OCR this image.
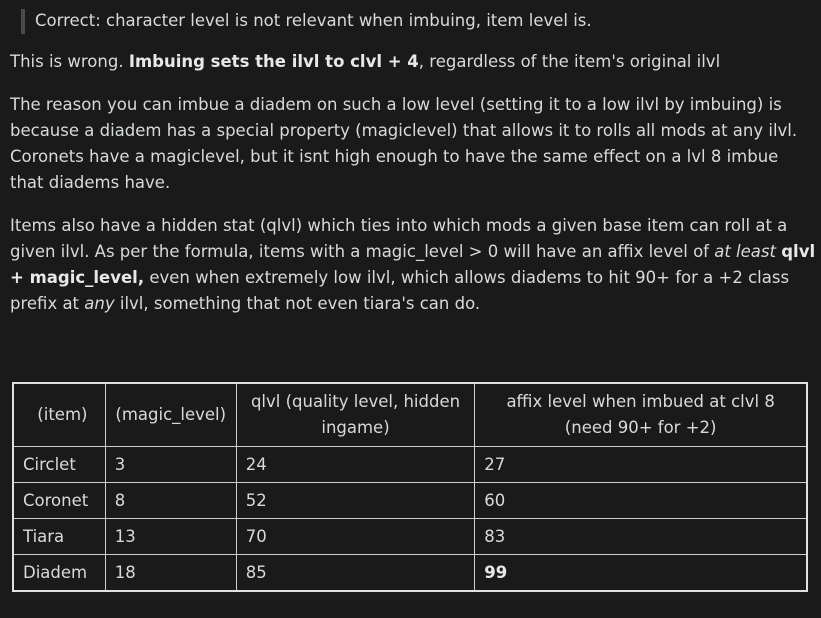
Correct: character level is not relevant when imbuing, item level is.

This is wrong. Imbuing sets the ilvl to clvl + 4, regardless of the item's original ilvl

The reason you can imbue a diadem on such a low level (setting it to a low ilvl by imbuing) is because a diadem has a special property (magiclevel) that allows it to rolls all mods at any ilvl. Coronets have a magiclevel, but it isnt high enough to have the same effect on a lvl 8 imbue that diadems have.

Items also have a hidden stat (qlvl) which ties into which mods a given base item can roll at a given ilvl. As per the formula, items with a magic_level > 0 will have an affix level of at least qlvl + magic_level, even when extremely low ilvl, which allows diadems to hit 90+ for a +2 class prefix at any ilvl, something that not even tiara's can do.

(item)	(magic_level)	qlvl (quality level, hidden ingame)	affix level when imbued at clvl 8 (need 90+ for +2)
Circlet	3	24	27
Coronet	8	52	60
Tiara	13	70	83
Diadem	18	85	99
